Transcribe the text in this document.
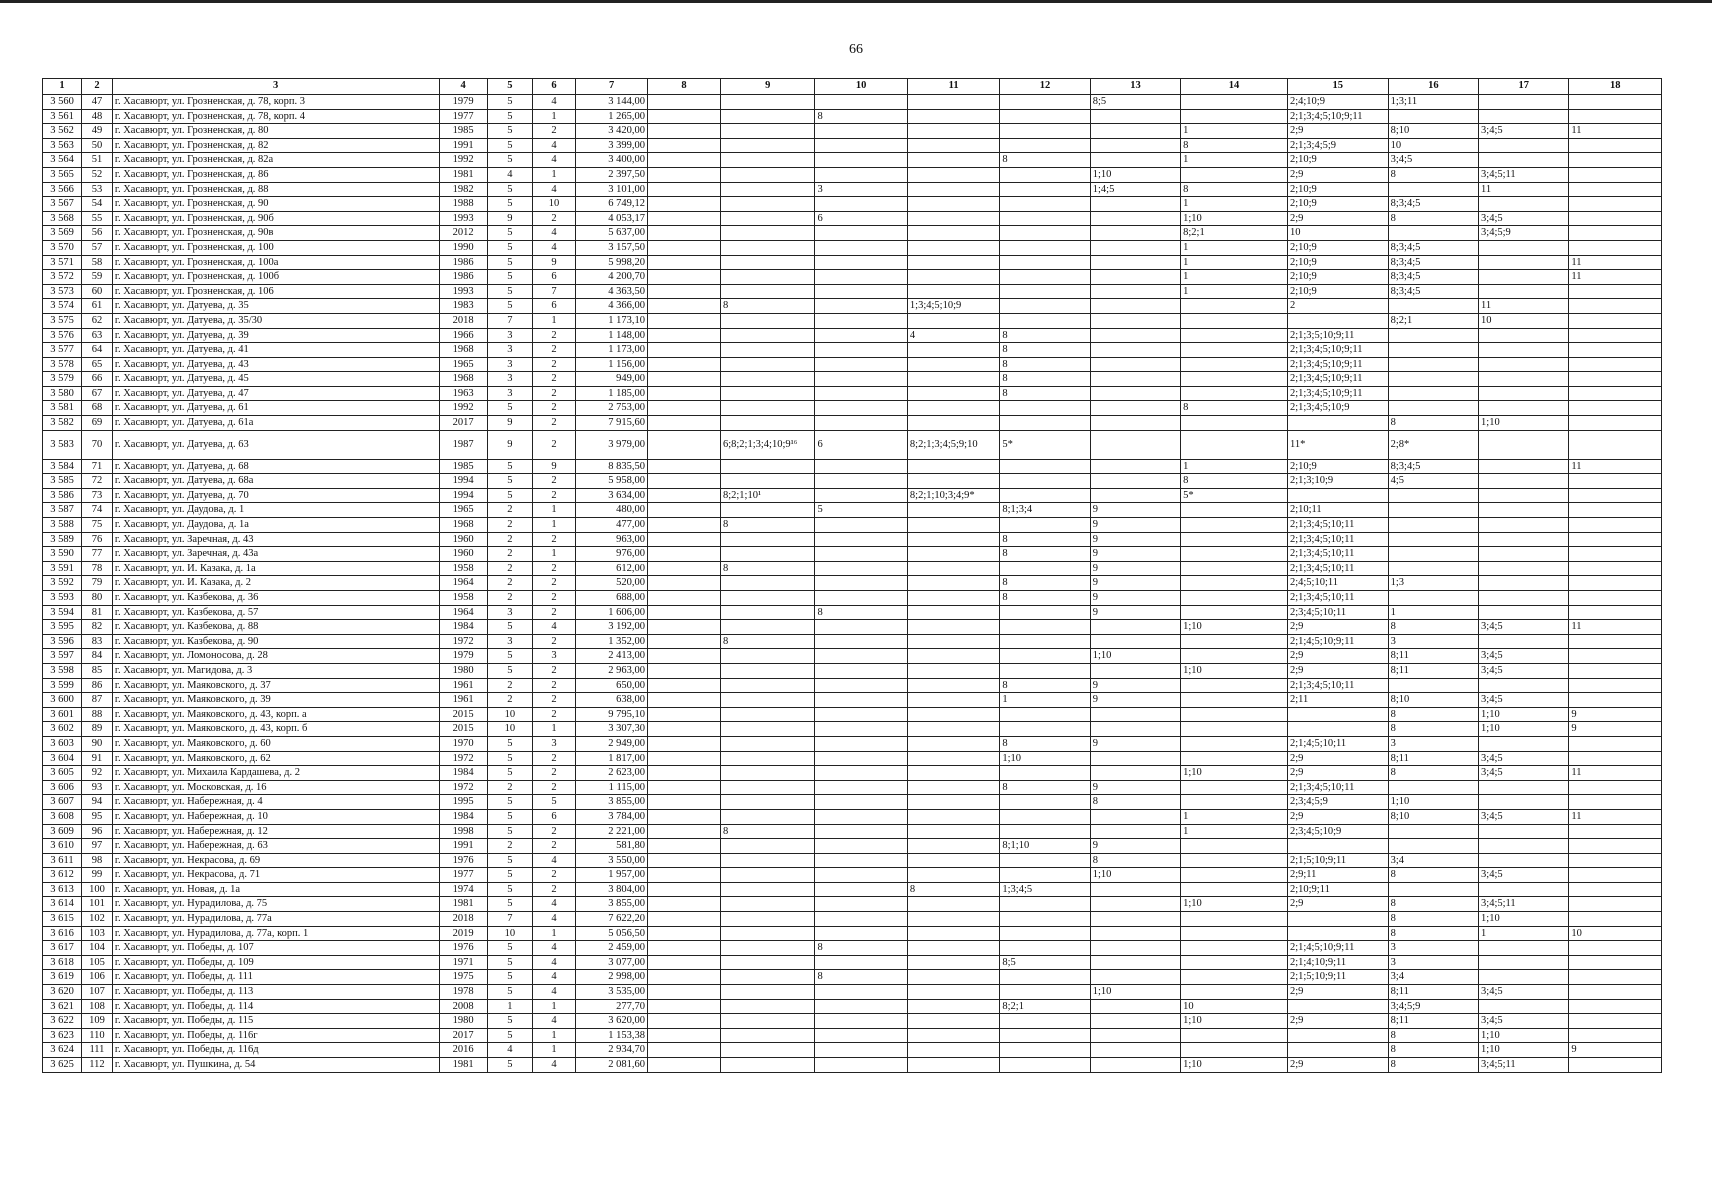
66
1	2	3	4	5	6	7	8	9	10	11	12	13	14	15	16	17	18
3 560	47	г. Хасавюрт, ул. Грозненская, д. 78, корп. 3	1979	5	4	3 144,00						8;5		2;4;10;9	1;3;11		
3 561	48	г. Хасавюрт, ул. Грозненская, д. 78, корп. 4	1977	5	1	1 265,00			8					2;1;3;4;5;10;9;11			
3 562	49	г. Хасавюрт, ул. Грозненская, д. 80	1985	5	2	3 420,00							1	2;9	8;10	3;4;5	11
3 563	50	г. Хасавюрт, ул. Грозненская, д. 82	1991	5	4	3 399,00							8	2;1;3;4;5;9	10		
3 564	51	г. Хасавюрт, ул. Грозненская, д. 82а	1992	5	4	3 400,00					8		1	2;10;9	3;4;5		
3 565	52	г. Хасавюрт, ул. Грозненская, д. 86	1981	4	1	2 397,50						1;10		2;9	8	3;4;5;11	
3 566	53	г. Хасавюрт, ул. Грозненская, д. 88	1982	5	4	3 101,00			3			1;4;5	8	2;10;9		11	
3 567	54	г. Хасавюрт, ул. Грозненская, д. 90	1988	5	10	6 749,12							1	2;10;9	8;3;4;5		
3 568	55	г. Хасавюрт, ул. Грозненская, д. 90б	1993	9	2	4 053,17			6				1;10	2;9	8	3;4;5	
3 569	56	г. Хасавюрт, ул. Грозненская, д. 90в	2012	5	4	5 637,00							8;2;1	10		3;4;5;9	
3 570	57	г. Хасавюрт, ул. Грозненская, д. 100	1990	5	4	3 157,50							1	2;10;9	8;3;4;5		
3 571	58	г. Хасавюрт, ул. Грозненская, д. 100а	1986	5	9	5 998,20							1	2;10;9	8;3;4;5		11
3 572	59	г. Хасавюрт, ул. Грозненская, д. 100б	1986	5	6	4 200,70							1	2;10;9	8;3;4;5		11
3 573	60	г. Хасавюрт, ул. Грозненская, д. 106	1993	5	7	4 363,50							1	2;10;9	8;3;4;5		
3 574	61	г. Хасавюрт, ул. Датуева, д. 35	1983	5	6	4 366,00		8		1;3;4;5;10;9				2		11	
3 575	62	г. Хасавюрт, ул. Датуева, д. 35/30	2018	7	1	1 173,10									8;2;1	10	
3 576	63	г. Хасавюрт, ул. Датуева, д. 39	1966	3	2	1 148,00				4	8			2;1;3;5;10;9;11			
3 577	64	г. Хасавюрт, ул. Датуева, д. 41	1968	3	2	1 173,00					8			2;1;3;4;5;10;9;11			
3 578	65	г. Хасавюрт, ул. Датуева, д. 43	1965	3	2	1 156,00					8			2;1;3;4;5;10;9;11			
3 579	66	г. Хасавюрт, ул. Датуева, д. 45	1968	3	2	949,00					8			2;1;3;4;5;10;9;11			
3 580	67	г. Хасавюрт, ул. Датуева, д. 47	1963	3	2	1 185,00					8			2;1;3;4;5;10;9;11			
3 581	68	г. Хасавюрт, ул. Датуева, д. 61	1992	5	2	2 753,00							8	2;1;3;4;5;10;9			
3 582	69	г. Хасавюрт, ул. Датуева, д. 61а	2017	9	2	7 915,60									8	1;10	
3 583	70	г. Хасавюрт, ул. Датуева, д. 63	1987	9	2	3 979,00		6;8;2;1;3;4;10;9¹⁶	6	8;2;1;3;4;5;9;10	5*			11*	2;8*		
3 584	71	г. Хасавюрт, ул. Датуева, д. 68	1985	5	9	8 835,50							1	2;10;9	8;3;4;5		11
3 585	72	г. Хасавюрт, ул. Датуева, д. 68а	1994	5	2	5 958,00							8	2;1;3;10;9	4;5		
3 586	73	г. Хасавюрт, ул. Датуева, д. 70	1994	5	2	3 634,00		8;2;1;10¹		8;2;1;10;3;4;9*			5*				
3 587	74	г. Хасавюрт, ул. Даудова, д. 1	1965	2	1	480,00			5		8;1;3;4	9		2;10;11			
3 588	75	г. Хасавюрт, ул. Даудова, д. 1а	1968	2	1	477,00		8				9		2;1;3;4;5;10;11			
3 589	76	г. Хасавюрт, ул. Заречная, д. 43	1960	2	2	963,00					8	9		2;1;3;4;5;10;11			
3 590	77	г. Хасавюрт, ул. Заречная, д. 43а	1960	2	1	976,00					8	9		2;1;3;4;5;10;11			
3 591	78	г. Хасавюрт, ул. И. Казака, д. 1а	1958	2	2	612,00		8				9		2;1;3;4;5;10;11			
3 592	79	г. Хасавюрт, ул. И. Казака, д. 2	1964	2	2	520,00					8	9		2;4;5;10;11	1;3		
3 593	80	г. Хасавюрт, ул. Казбекова, д. 36	1958	2	2	688,00					8	9		2;1;3;4;5;10;11			
3 594	81	г. Хасавюрт, ул. Казбекова, д. 57	1964	3	2	1 606,00			8			9		2;3;4;5;10;11	1		
3 595	82	г. Хасавюрт, ул. Казбекова, д. 88	1984	5	4	3 192,00							1;10	2;9	8	3;4;5	11
3 596	83	г. Хасавюрт, ул. Казбекова, д. 90	1972	3	2	1 352,00		8						2;1;4;5;10;9;11	3		
3 597	84	г. Хасавюрт, ул. Ломоносова, д. 28	1979	5	3	2 413,00						1;10		2;9	8;11	3;4;5	
3 598	85	г. Хасавюрт, ул. Магидова, д. 3	1980	5	2	2 963,00							1;10	2;9	8;11	3;4;5	
3 599	86	г. Хасавюрт, ул. Маяковского, д. 37	1961	2	2	650,00					8	9		2;1;3;4;5;10;11			
3 600	87	г. Хасавюрт, ул. Маяковского, д. 39	1961	2	2	638,00					1	9		2;11	8;10	3;4;5	
3 601	88	г. Хасавюрт, ул. Маяковского, д. 43, корп. а	2015	10	2	9 795,10									8	1;10	9
3 602	89	г. Хасавюрт, ул. Маяковского, д. 43, корп. б	2015	10	1	3 307,30									8	1;10	9
3 603	90	г. Хасавюрт, ул. Маяковского, д. 60	1970	5	3	2 949,00					8	9		2;1;4;5;10;11	3		
3 604	91	г. Хасавюрт, ул. Маяковского, д. 62	1972	5	2	1 817,00					1;10			2;9	8;11	3;4;5	
3 605	92	г. Хасавюрт, ул. Михаила Кардашева, д. 2	1984	5	2	2 623,00							1;10	2;9	8	3;4;5	11
3 606	93	г. Хасавюрт, ул. Московская, д. 16	1972	2	2	1 115,00					8	9		2;1;3;4;5;10;11			
3 607	94	г. Хасавюрт, ул. Набережная, д. 4	1995	5	5	3 855,00						8		2;3;4;5;9	1;10		
3 608	95	г. Хасавюрт, ул. Набережная, д. 10	1984	5	6	3 784,00							1	2;9	8;10	3;4;5	11
3 609	96	г. Хасавюрт, ул. Набережная, д. 12	1998	5	2	2 221,00		8					1	2;3;4;5;10;9			
3 610	97	г. Хасавюрт, ул. Набережная, д. 63	1991	2	2	581,80					8;1;10	9					
3 611	98	г. Хасавюрт, ул. Некрасова, д. 69	1976	5	4	3 550,00						8		2;1;5;10;9;11	3;4		
3 612	99	г. Хасавюрт, ул. Некрасова, д. 71	1977	5	2	1 957,00						1;10		2;9;11	8	3;4;5	
3 613	100	г. Хасавюрт, ул. Новая, д. 1а	1974	5	2	3 804,00				8	1;3;4;5			2;10;9;11			
3 614	101	г. Хасавюрт, ул. Нурадилова, д. 75	1981	5	4	3 855,00							1;10	2;9	8	3;4;5;11	
3 615	102	г. Хасавюрт, ул. Нурадилова, д. 77а	2018	7	4	7 622,20									8	1;10	
3 616	103	г. Хасавюрт, ул. Нурадилова, д. 77а, корп. 1	2019	10	1	5 056,50									8	1	10
3 617	104	г. Хасавюрт, ул. Победы, д. 107	1976	5	4	2 459,00			8					2;1;4;5;10;9;11	3		
3 618	105	г. Хасавюрт, ул. Победы, д. 109	1971	5	4	3 077,00					8;5			2;1;4;10;9;11	3		
3 619	106	г. Хасавюрт, ул. Победы, д. 111	1975	5	4	2 998,00			8					2;1;5;10;9;11	3;4		
3 620	107	г. Хасавюрт, ул. Победы, д. 113	1978	5	4	3 535,00						1;10		2;9	8;11	3;4;5	
3 621	108	г. Хасавюрт, ул. Победы, д. 114	2008	1	1	277,70					8;2;1		10		3;4;5;9		
3 622	109	г. Хасавюрт, ул. Победы, д. 115	1980	5	4	3 620,00							1;10	2;9	8;11	3;4;5	
3 623	110	г. Хасавюрт, ул. Победы, д. 116г	2017	5	1	1 153,38									8	1;10	
3 624	111	г. Хасавюрт, ул. Победы, д. 116д	2016	4	1	2 934,70									8	1;10	9
3 625	112	г. Хасавюрт, ул. Пушкина, д. 54	1981	5	4	2 081,60							1;10	2;9	8	3;4;5;11	
